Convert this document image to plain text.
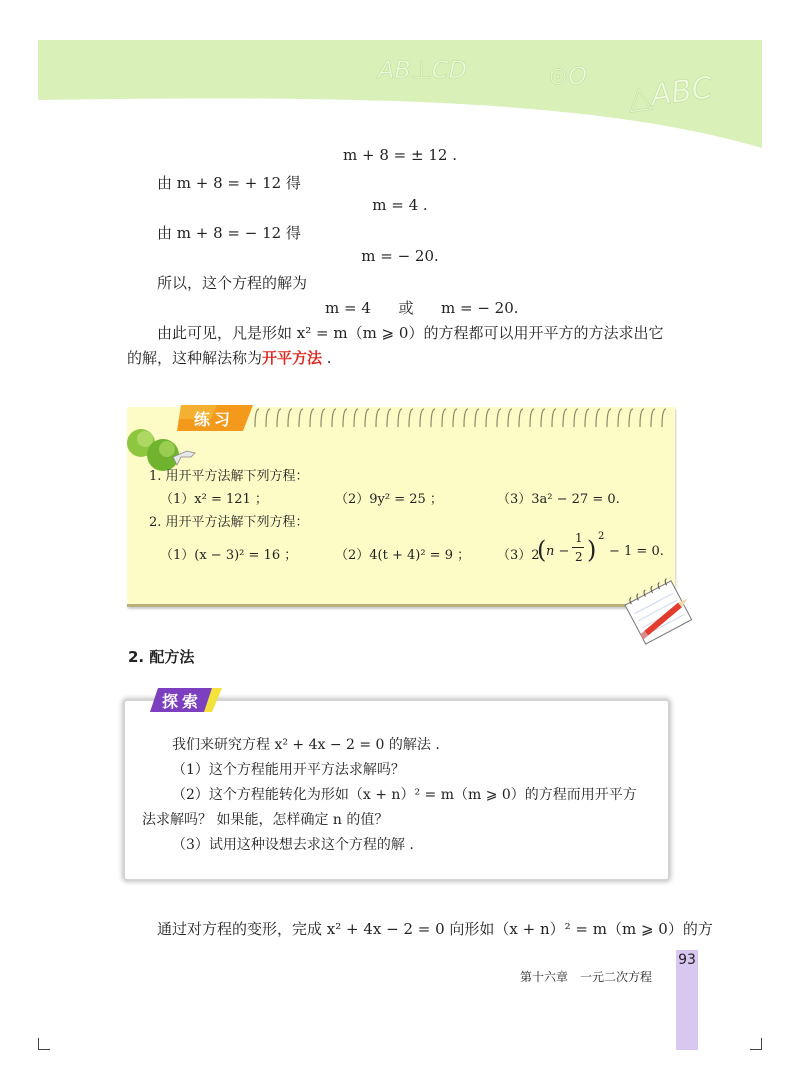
AB⊥CD	⊙O △ABC
m + 8 = ± 12 .
由 m + 8 = + 12 得
m = 4 .
由 m + 8 = − 12 得
m = − 20.
所以，这个方程的解为
m = 4 或 m = − 20.
由此可见，凡是形如 x² = m（m ⩾ 0）的方程都可以用开平方的方法求出它
的解，这种解法称为开平方法 .
练习
1. 用开平方法解下列方程：
（1）x² = 121 ；	（2）9y² = 25 ；	（3）3a² − 27 = 0.
2. 用开平方法解下列方程：
（1）(x − 3)² = 16 ；	（2）4(t + 4)² = 9 ； （3）2
( n −
1
2 ) 2
− 1 = 0.
2. 配方法
我们来研究方程 x² + 4x − 2 = 0 的解法 .
（1）这个方程能用开平方法求解吗？
（2）这个方程能转化为形如（x + n）² = m（m ⩾ 0）的方程而用开平方
法求解吗？ 如果能，怎样确定 n 的值？
（3）试用这种设想去求这个方程的解 .
探索
通过对方程的变形，完成 x² + 4x − 2 = 0 向形如（x + n）² = m（m ⩾ 0）的方
93
第十六章　一元二次方程
